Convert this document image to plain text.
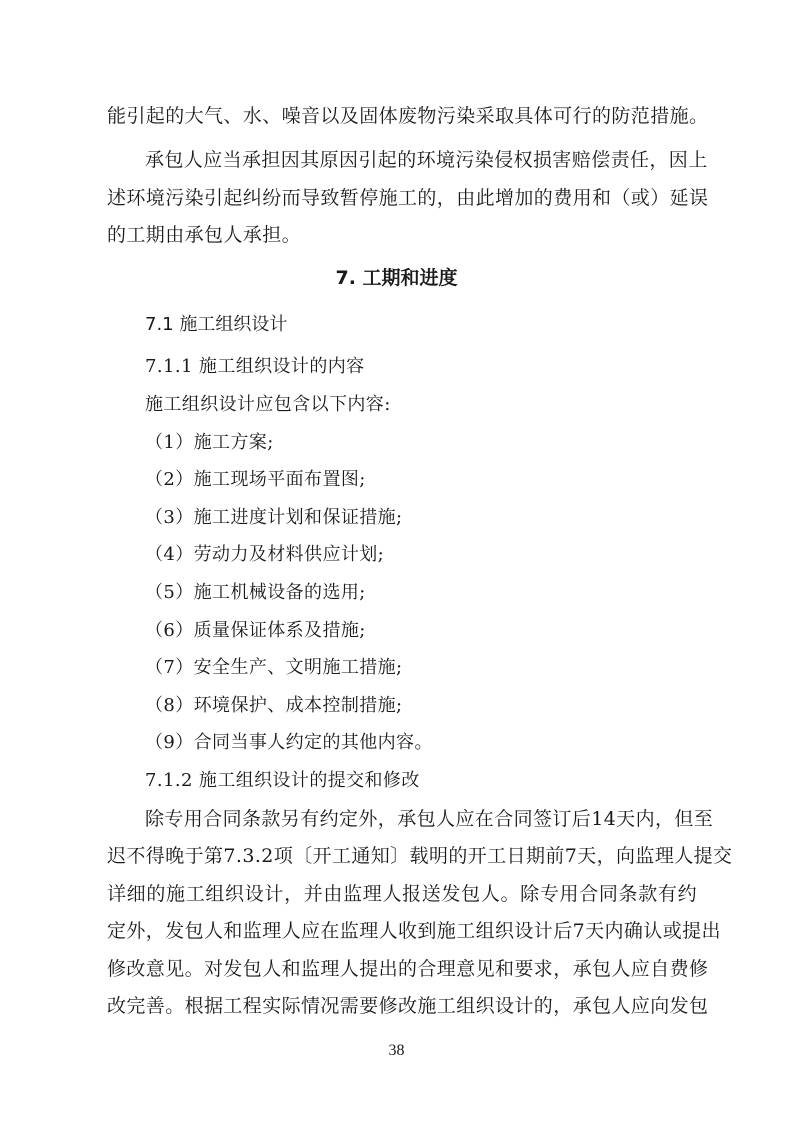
能引起的大气、水、噪音以及固体废物污染采取具体可行的防范措施。
承包人应当承担因其原因引起的环境污染侵权损害赔偿责任，因上
述环境污染引起纠纷而导致暂停施工的，由此增加的费用和（或）延误
的工期由承包人承担。
7. 工期和进度
7.1 施工组织设计
7.1.1 施工组织设计的内容
施工组织设计应包含以下内容:
（1）施工方案;
（2）施工现场平面布置图;
（3）施工进度计划和保证措施;
（4）劳动力及材料供应计划;
（5）施工机械设备的选用;
（6）质量保证体系及措施;
（7）安全生产、文明施工措施;
（8）环境保护、成本控制措施;
（9）合同当事人约定的其他内容。
7.1.2 施工组织设计的提交和修改
除专用合同条款另有约定外，承包人应在合同签订后14天内，但至
迟不得晚于第7.3.2项〔开工通知〕载明的开工日期前7天，向监理人提交
详细的施工组织设计，并由监理人报送发包人。除专用合同条款有约
定外，发包人和监理人应在监理人收到施工组织设计后7天内确认或提出
修改意见。对发包人和监理人提出的合理意见和要求，承包人应自费修
改完善。根据工程实际情况需要修改施工组织设计的，承包人应向发包
38
